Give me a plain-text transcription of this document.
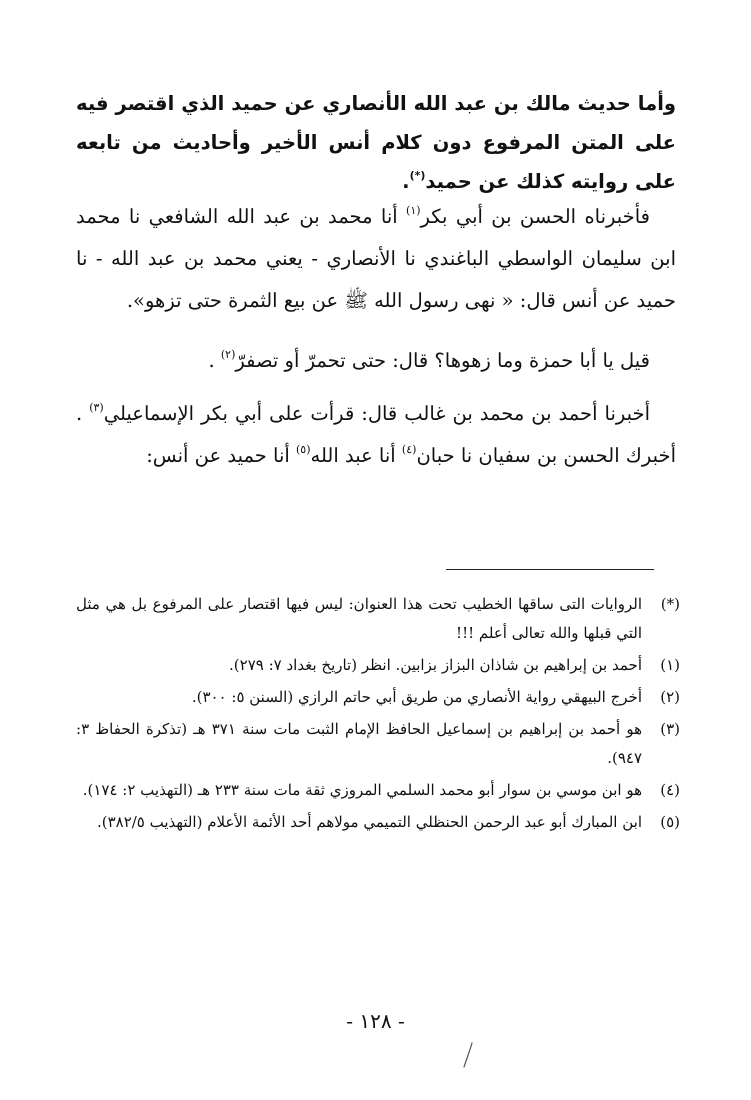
وأما حديث مالك بن عبد الله الأنصاري عن حميد الذي اقتصر فيه على المتن المرفوع دون كلام أنس الأخير وأحاديث من تابعه على روايته كذلك عن حميد(*).
فأخبرناه الحسن بن أبي بكر$^{(١)}$ أنا محمد بن عبد الله الشافعي نا محمد ابن سليمان الواسطي الباغندي نا الأنصاري - يعني محمد بن عبد الله - نا حميد عن أنس قال: « نهى رسول الله ﷺ عن بيع الثمرة حتى تزهو».
قيل يا أبا حمزة وما زهوها؟ قال: حتى تحمرّ أو تصفرّ$^{(٢)}$ .
أخبرنا أحمد بن محمد بن غالب قال: قرأت على أبي بكر الإسماعيلي$^{(٣)}$ . أخبرك الحسن بن سفيان نا حبان$^{(٤)}$ أنا عبد الله$^{(٥)}$ أنا حميد عن أنس:
(*)
الروايات التى ساقها الخطيب تحت هذا العنوان: ليس فيها اقتصار على المرفوع بل هي مثل التي قبلها والله تعالى أعلم !!!
(١)
أحمد بن إبراهيم بن شاذان البزاز بزابين. انظر (تاريخ بغداد ٧: ٢٧٩).
(٢)
أخرج البيهقي رواية الأنصاري من طريق أبي حاتم الرازي (السنن ٥: ٣٠٠).
(٣)
هو أحمد بن إبراهيم بن إسماعيل الحافظ الإمام الثبت مات سنة ٣٧١ هـ (تذكرة الحفاظ ٣: ٩٤٧).
(٤)
هو ابن موسي بن سوار أبو محمد السلمي المروزي ثقة مات سنة ٢٣٣ هـ (التهذيب ٢: ١٧٤).
(٥)
ابن المبارك أبو عبد الرحمن الحنظلي التميمي مولاهم أحد الأئمة الأعلام (التهذيب ٣٨٢/٥).
- ١٢٨ -
